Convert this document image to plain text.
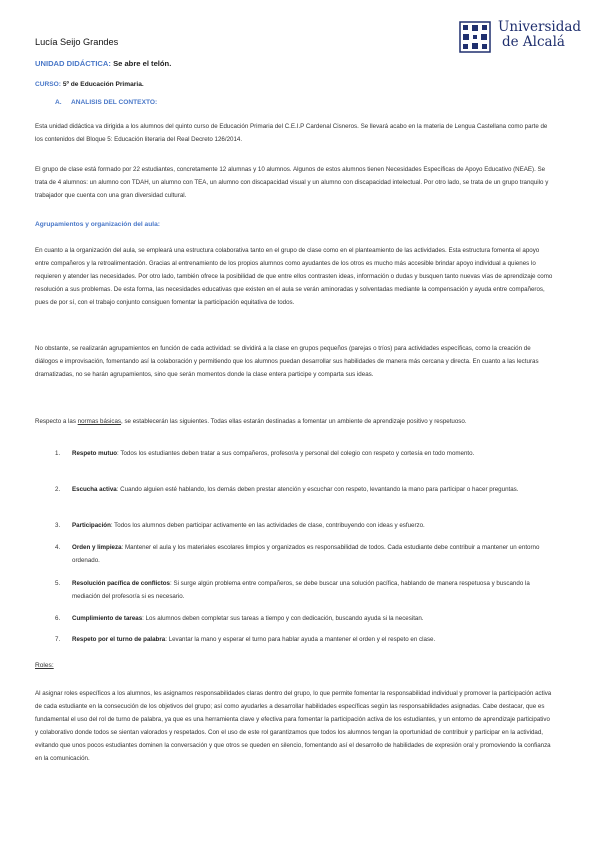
Lucía Seijo Grandes
Universidad
de Alcalá
UNIDAD DIDÁCTICA: Se abre el telón.
CURSO: 5º de Educación Primaria.
A. ANALISIS DEL CONTEXTO:

Esta unidad didáctica va dirigida a los alumnos del quinto curso de Educación Primaria del C.E.I.P Cardenal Cisneros. Se llevará acabo en la materia de Lengua Castellana como parte de los contenidos del Bloque 5: Educación literaria del Real Decreto 126/2014.

El grupo de clase está formado por 22 estudiantes, concretamente 12 alumnas y 10 alumnos. Algunos de estos alumnos tienen Necesidades Específicas de Apoyo Educativo (NEAE). Se trata de 4 alumnos: un alumno con TDAH, un alumno con TEA, un alumno con discapacidad visual y un alumno con discapacidad intelectual. Por otro lado, se trata de un grupo tranquilo y trabajador que cuenta con una gran diversidad cultural.

Agrupamientos y organización del aula:

En cuanto a la organización del aula, se empleará una estructura colaborativa tanto en el grupo de clase como en el planteamiento de las actividades. Esta estructura fomenta el apoyo entre compañeros y la retroalimentación. Gracias al entrenamiento de los propios alumnos como ayudantes de los otros es mucho más accesible brindar apoyo individual a quienes lo requieren y atender las necesidades. Por otro lado, también ofrece la posibilidad de que entre ellos contrasten ideas, información o dudas y busquen tanto nuevas vías de aprendizaje como resolución a sus problemas. De esta forma, las necesidades educativas que existen en el aula se verán aminoradas y solventadas mediante la compensación y ayuda entre compañeros, pues de por sí, con el trabajo conjunto consiguen fomentar la participación equitativa de todos.

No obstante, se realizarán agrupamientos en función de cada actividad: se dividirá a la clase en grupos pequeños (parejas o tríos) para actividades específicas, como la creación de diálogos e improvisación, fomentando así la colaboración y permitiendo que los alumnos puedan desarrollar sus habilidades de manera más cercana y directa. En cuanto a las lecturas dramatizadas, no se harán agrupamientos, sino que serán momentos donde la clase entera participe y comparta sus ideas.

Respecto a las normas básicas, se establecerán las siguientes. Todas ellas estarán destinadas a fomentar un ambiente de aprendizaje positivo y respetuoso.

1. Respeto mutuo: Todos los estudiantes deben tratar a sus compañeros, profesor/a y personal del colegio con respeto y cortesía en todo momento.
2. Escucha activa: Cuando alguien esté hablando, los demás deben prestar atención y escuchar con respeto, levantando la mano para participar o hacer preguntas.
3. Participación: Todos los alumnos deben participar activamente en las actividades de clase, contribuyendo con ideas y esfuerzo.
4. Orden y limpieza: Mantener el aula y los materiales escolares limpios y organizados es responsabilidad de todos. Cada estudiante debe contribuir a mantener un entorno ordenado.
5. Resolución pacífica de conflictos: Si surge algún problema entre compañeros, se debe buscar una solución pacífica, hablando de manera respetuosa y buscando la mediación del profesor/a si es necesario.
6. Cumplimiento de tareas: Los alumnos deben completar sus tareas a tiempo y con dedicación, buscando ayuda si la necesitan.
7. Respeto por el turno de palabra: Levantar la mano y esperar el turno para hablar ayuda a mantener el orden y el respeto en clase.
Roles:

Al asignar roles específicos a los alumnos, les asignamos responsabilidades claras dentro del grupo, lo que permite fomentar la responsabilidad individual y promover la participación activa de cada estudiante en la consecución de los objetivos del grupo; así como ayudarles a desarrollar habilidades específicas según las responsabilidades asignadas. Cabe destacar, que es fundamental el uso del rol de turno de palabra, ya que es una herramienta clave y efectiva para fomentar la participación activa de los estudiantes, y un entorno de aprendizaje participativo y colaborativo donde todos se sientan valorados y respetados. Con el uso de este rol garantizamos que todos los alumnos tengan la oportunidad de contribuir y participar en la actividad, evitando que unos pocos estudiantes dominen la conversación y que otros se queden en silencio, fomentando así el desarrollo de habilidades de expresión oral y promoviendo la confianza en la comunicación.
